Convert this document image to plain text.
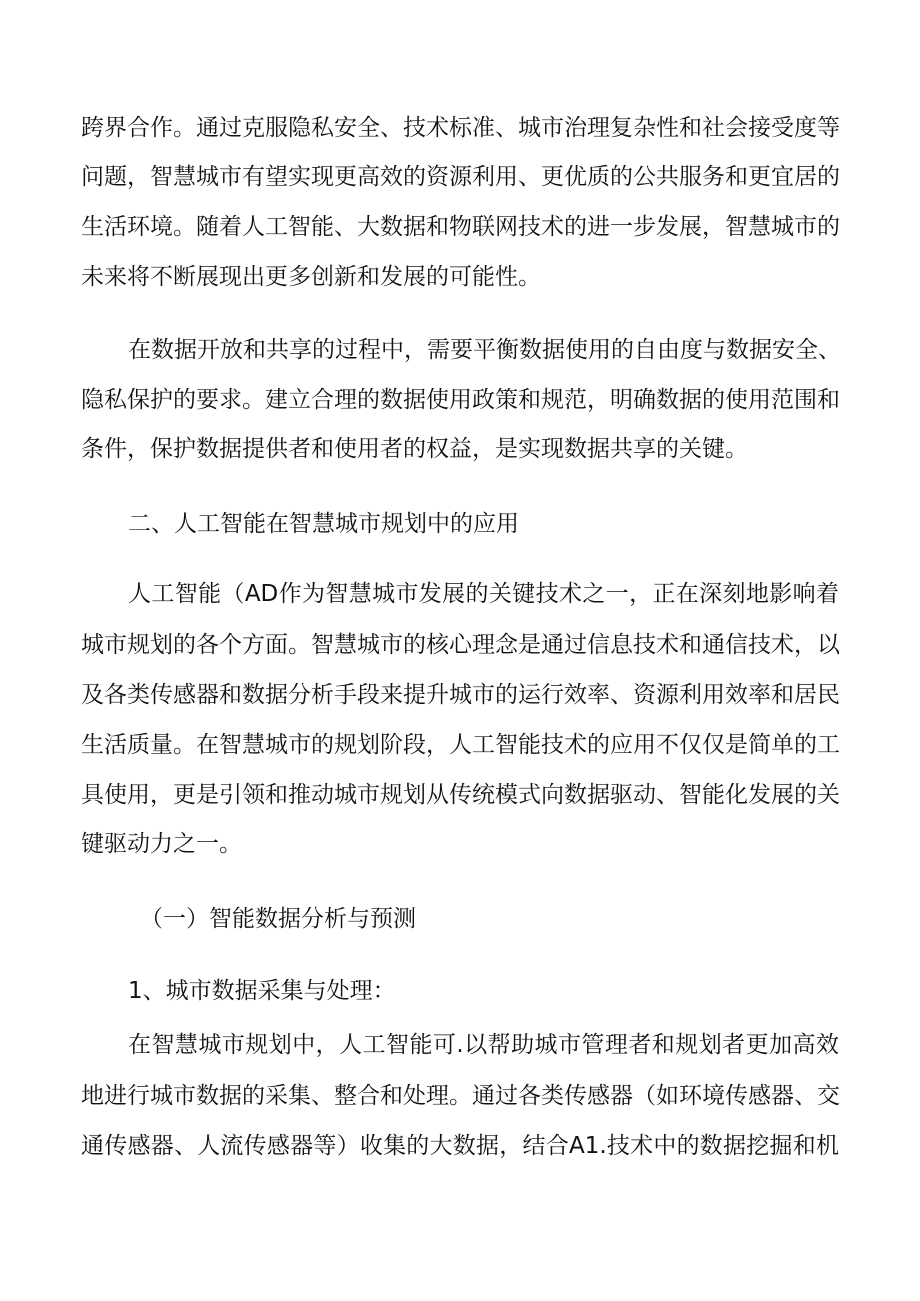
跨界合作。通过克服隐私安全、技术标准、城市治理复杂性和社会接受度等
问题，智慧城市有望实现更高效的资源利用、更优质的公共服务和更宜居的
生活环境。随着人工智能、大数据和物联网技术的进一步发展，智慧城市的
未来将不断展现出更多创新和发展的可能性。
在数据开放和共享的过程中，需要平衡数据使用的自由度与数据安全、
隐私保护的要求。建立合理的数据使用政策和规范，明确数据的使用范围和
条件，保护数据提供者和使用者的权益，是实现数据共享的关键。
二、人工智能在智慧城市规划中的应用
人工智能（AD作为智慧城市发展的关键技术之一，正在深刻地影响着
城市规划的各个方面。智慧城市的核心理念是通过信息技术和通信技术，以
及各类传感器和数据分析手段来提升城市的运行效率、资源利用效率和居民
生活质量。在智慧城市的规划阶段，人工智能技术的应用不仅仅是简单的工
具使用，更是引领和推动城市规划从传统模式向数据驱动、智能化发展的关
键驱动力之一。
（一）智能数据分析与预测
1、城市数据采集与处理：
在智慧城市规划中，人工智能可.以帮助城市管理者和规划者更加高效
地进行城市数据的采集、整合和处理。通过各类传感器（如环境传感器、交
通传感器、人流传感器等）收集的大数据，结合A1.技术中的数据挖掘和机
